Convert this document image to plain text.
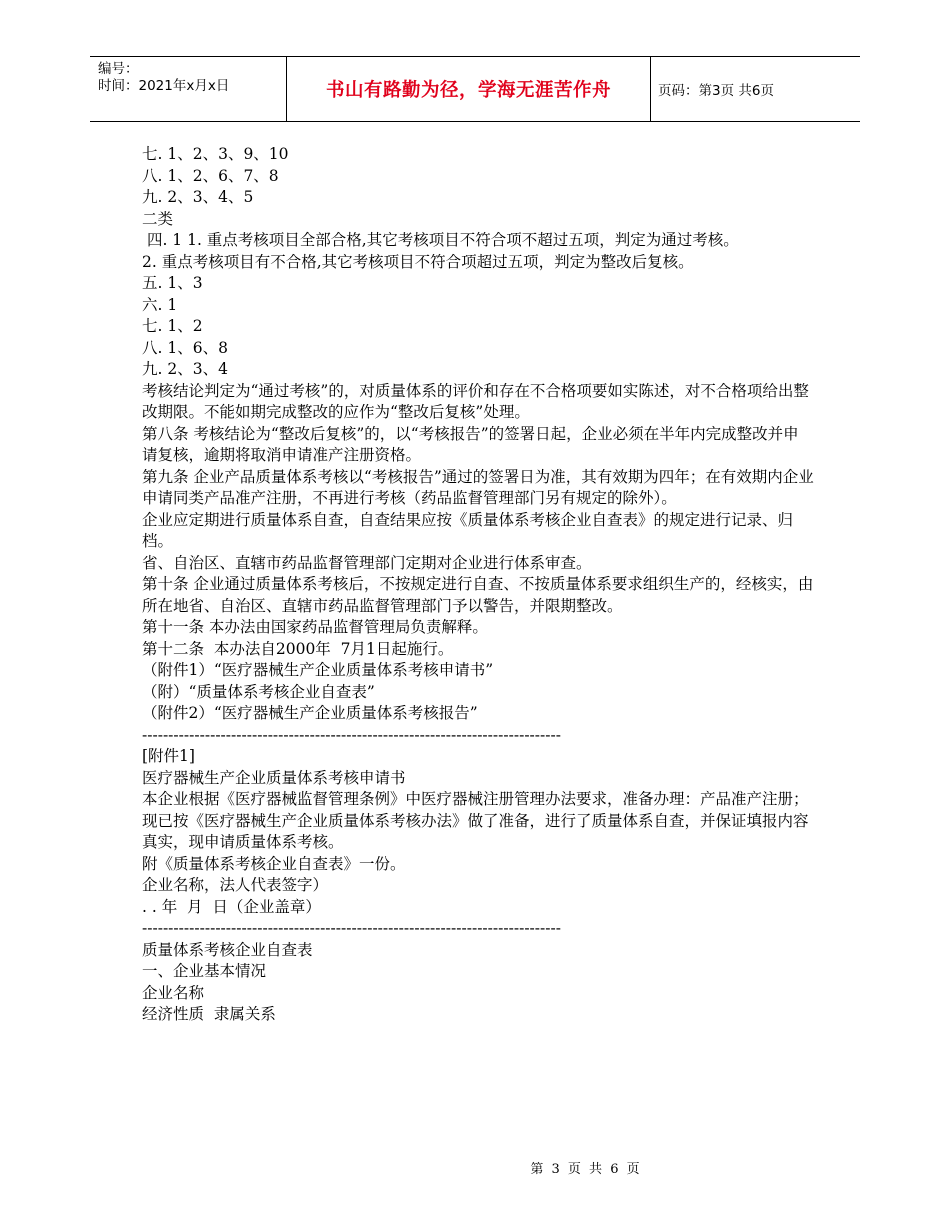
编号：
时间：2021年x月x日	书山有路勤为径，学海无涯苦作舟	页码：第3页 共6页

七. 1、2、3、9、10

八. 1、2、6、7、8

九. 2、3、4、5

二类

四. 1 1. 重点考核项目全部合格,其它考核项目不符合项不超过五项，判定为通过考核。

2. 重点考核项目有不合格,其它考核项目不符合项超过五项，判定为整改后复核。

五. 1、3

六. 1

七. 1、2

八. 1、6、8

九. 2、3、4

考核结论判定为“通过考核”的，对质量体系的评价和存在不合格项要如实陈述，对不合格项给出整改期限。不能如期完成整改的应作为“整改后复核”处理。

第八条 考核结论为“整改后复核”的，以“考核报告”的签署日起，企业必须在半年内完成整改并申请复核，逾期将取消申请准产注册资格。

第九条 企业产品质量体系考核以“考核报告”通过的签署日为准，其有效期为四年；在有效期内企业申请同类产品准产注册，不再进行考核（药品监督管理部门另有规定的除外）。

企业应定期进行质量体系自查，自查结果应按《质量体系考核企业自查表》的规定进行记录、归档。

省、自治区、直辖市药品监督管理部门定期对企业进行体系审查。

第十条 企业通过质量体系考核后，不按规定进行自查、不按质量体系要求组织生产的，经核实，由所在地省、自治区、直辖市药品监督管理部门予以警告，并限期整改。

第十一条 本办法由国家药品监督管理局负责解释。

第十二条  本办法自2000年  7月1日起施行。

（附件1）“医疗器械生产企业质量体系考核申请书”

（附）“质量体系考核企业自查表”

（附件2）“医疗器械生产企业质量体系考核报告”

--------------------------------------------------------------------------------

[附件1]

医疗器械生产企业质量体系考核申请书

本企业根据《医疗器械监督管理条例》中医疗器械注册管理办法要求，准备办理：产品准产注册；现已按《医疗器械生产企业质量体系考核办法》做了准备，进行了质量体系自查，并保证填报内容真实，现申请质量体系考核。

附《质量体系考核企业自查表》一份。

企业名称，法人代表签字）

. . 年  月  日（企业盖章）

--------------------------------------------------------------------------------

质量体系考核企业自查表

一、企业基本情况

企业名称

经济性质  隶属关系

第 3 页 共 6 页
